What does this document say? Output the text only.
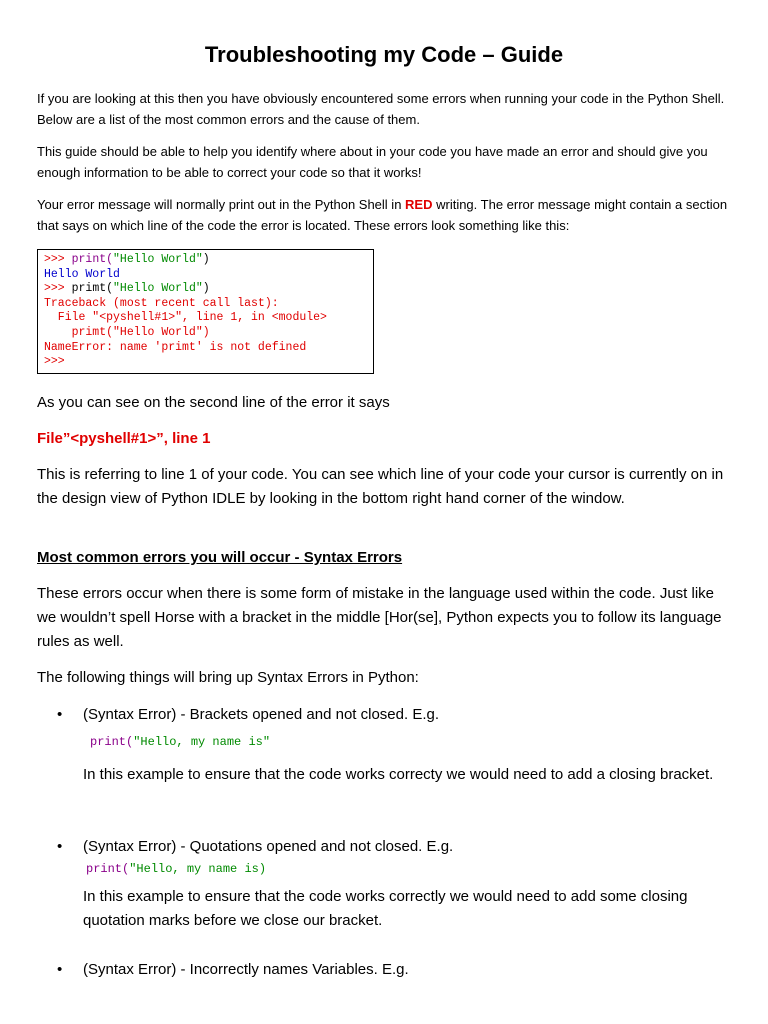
Troubleshooting my Code – Guide

If you are looking at this then you have obviously encountered some errors when running your code in the Python Shell. Below are a list of the most common errors and the cause of them.

This guide should be able to help you identify where about in your code you have made an error and should give you enough information to be able to correct your code so that it works!

Your error message will normally print out in the Python Shell in RED writing. The error message might contain a section that says on which line of the code the error is located. These errors look something like this:

>>> print("Hello World")
Hello World
>>> primt("Hello World")
Traceback (most recent call last):
File "<pyshell#1>", line 1, in <module>
primt("Hello World")
NameError: name 'primt' is not defined
>>>

As you can see on the second line of the error it says

File”<pyshell#1>”, line 1

This is referring to line 1 of your code. You can see which line of your code your cursor is currently on in the design view of Python IDLE by looking in the bottom right hand corner of the window.

Most common errors you will occur - Syntax Errors

These errors occur when there is some form of mistake in the language used within the code. Just like we wouldn’t spell Horse with a bracket in the middle [Hor(se], Python expects you to follow its language rules as well.

The following things will bring up Syntax Errors in Python:

• (Syntax Error) - Brackets opened and not closed. E.g.
print("Hello, my name is"

In this example to ensure that the code works correcty we would need to add a closing bracket.

• (Syntax Error) - Quotations opened and not closed. E.g.
print("Hello, my name is)

In this example to ensure that the code works correctly we would need to add some closing quotation marks before we close our bracket.

• (Syntax Error) - Incorrectly names Variables. E.g.
